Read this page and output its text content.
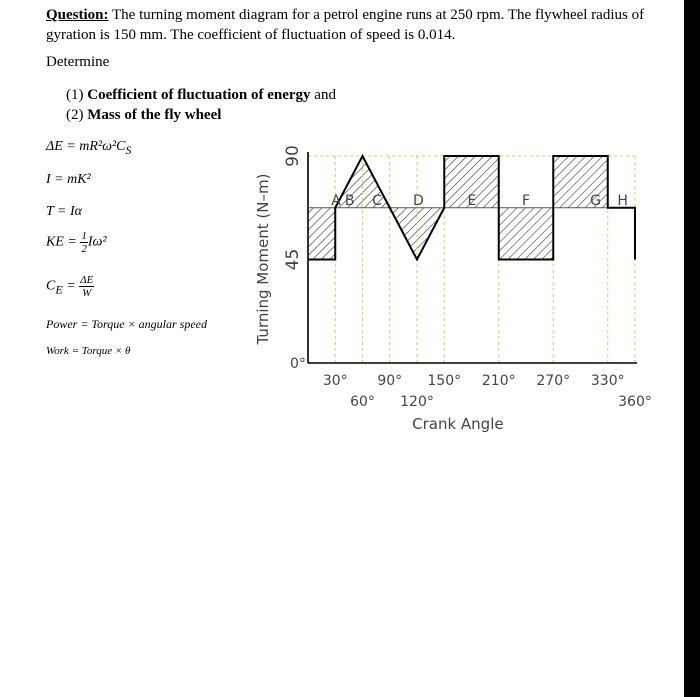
Question: The turning moment diagram for a petrol engine runs at 250 rpm. The flywheel radius of gyration is 150 mm. The coefficient of fluctuation of speed is 0.014.
Determine
(1) Coefficient of fluctuation of energy and
(2) Mass of the fly wheel
$\Delta E = mR^2\omega^2C_S$
I = mK²
T = Iα
KE = $\frac{1}{2} I\omega^2$
$C_E = \frac{\Delta E}{W}$
Power = Torque × angular speed
Work = Torque × θ
0°
45
90
30°
60°
90°
120°
150° 210° 270° 330°
360°
Turning Moment (N–m)
Crank Angle
A B C D	E	F	G H
